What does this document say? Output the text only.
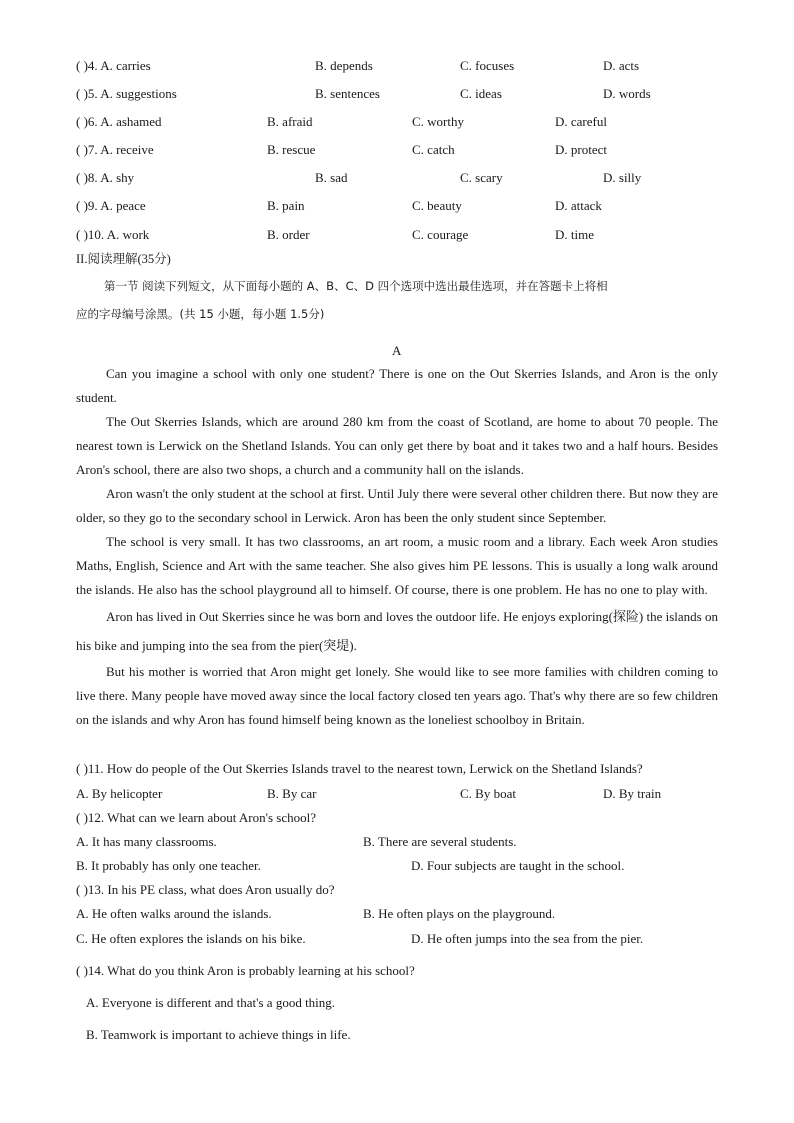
( )4. A. carries	B. depends	C. focuses	D. acts
( )5. A. suggestions	B. sentences	C. ideas	D. words
( )6. A. ashamed	B. afraid	C. worthy	D. careful
( )7. A. receive	B. rescue	C. catch	D. protect
( )8. A. shy	B. sad	C. scary	D. silly
( )9. A. peace	B. pain	C. beauty	D. attack
( )10. A. work	B. order	C. courage	D. time
II.阅读理解(35分)
第一节 阅读下列短文，从下面每小题的 A、B、C、D 四个选项中选出最佳选项，并在答题卡上将相
应的字母编号涂黑。(共 15 小题，每小题 1.5分)
A

Can you imagine a school with only one student? There is one on the Out Skerries Islands, and Aron is the only student.

The Out Skerries Islands, which are around 280 km from the coast of Scotland, are home to about 70 people. The nearest town is Lerwick on the Shetland Islands. You can only get there by boat and it takes two and a half hours. Besides Aron's school, there are also two shops, a church and a community hall on the islands.

Aron wasn't the only student at the school at first. Until July there were several other children there. But now they are older, so they go to the secondary school in Lerwick. Aron has been the only student since September.

The school is very small. It has two classrooms, an art room, a music room and a library. Each week Aron studies Maths, English, Science and Art with the same teacher. She also gives him PE lessons. This is usually a long walk around the islands. He also has the school playground all to himself. Of course, there is one problem. He has no one to play with.

Aron has lived in Out Skerries since he was born and loves the outdoor life. He enjoys exploring(探险) the islands on his bike and jumping into the sea from the pier(突堤).

But his mother is worried that Aron might get lonely. She would like to see more families with children coming to live there. Many people have moved away since the local factory closed ten years ago. That's why there are so few children on the islands and why Aron has found himself being known as the loneliest schoolboy in Britain.

( )11. How do people of the Out Skerries Islands travel to the nearest town, Lerwick on the Shetland Islands?
A. By helicopter	B. By car	C. By boat	D. By train
( )12. What can we learn about Aron's school?
A. It has many classrooms.	B. There are several students.
B. It probably has only one teacher.	D. Four subjects are taught in the school.
( )13. In his PE class, what does Aron usually do?
A. He often walks around the islands.	B. He often plays on the playground.
C. He often explores the islands on his bike.	D. He often jumps into the sea from the pier.
( )14. What do you think Aron is probably learning at his school?
A. Everyone is different and that's a good thing.
B. Teamwork is important to achieve things in life.
